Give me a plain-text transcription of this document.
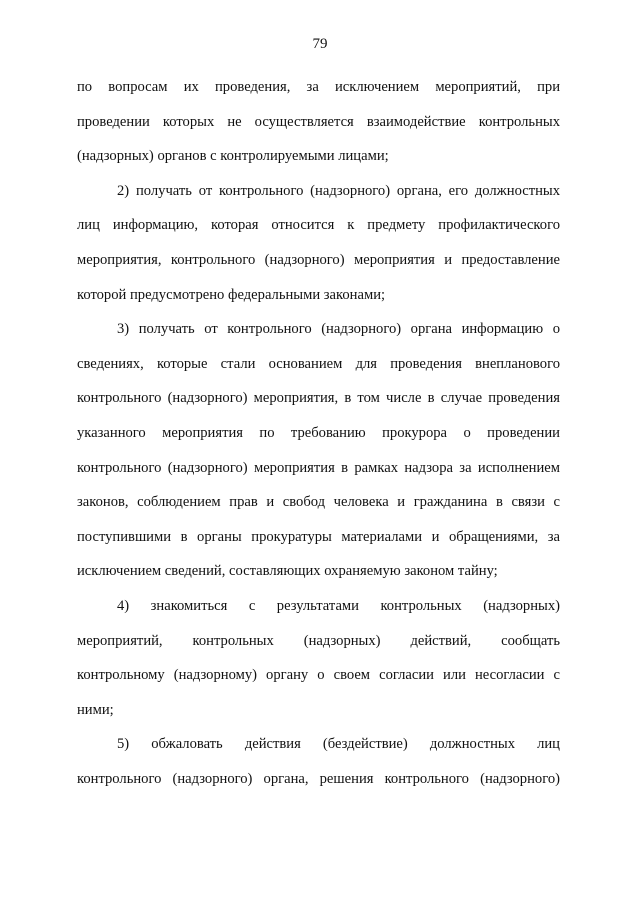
79
по вопросам их проведения, за исключением мероприятий, при
проведении которых не осуществляется взаимодействие контрольных
(надзорных) органов с контролируемыми лицами;
2) получать от контрольного (надзорного) органа, его должностных
лиц информацию, которая относится к предмету профилактического
мероприятия, контрольного (надзорного) мероприятия и предоставление
которой предусмотрено федеральными законами;
3) получать от контрольного (надзорного) органа информацию о
сведениях, которые стали основанием для проведения внепланового
контрольного (надзорного) мероприятия, в том числе в случае проведения
указанного мероприятия по требованию прокурора о проведении
контрольного (надзорного) мероприятия в рамках надзора за исполнением
законов, соблюдением прав и свобод человека и гражданина в связи с
поступившими в органы прокуратуры материалами и обращениями, за
исключением сведений, составляющих охраняемую законом тайну;
4) знакомиться с результатами контрольных (надзорных)
мероприятий, контрольных (надзорных) действий, сообщать
контрольному (надзорному) органу о своем согласии или несогласии с
ними;
5) обжаловать действия (бездействие) должностных лиц
контрольного (надзорного) органа, решения контрольного (надзорного)
